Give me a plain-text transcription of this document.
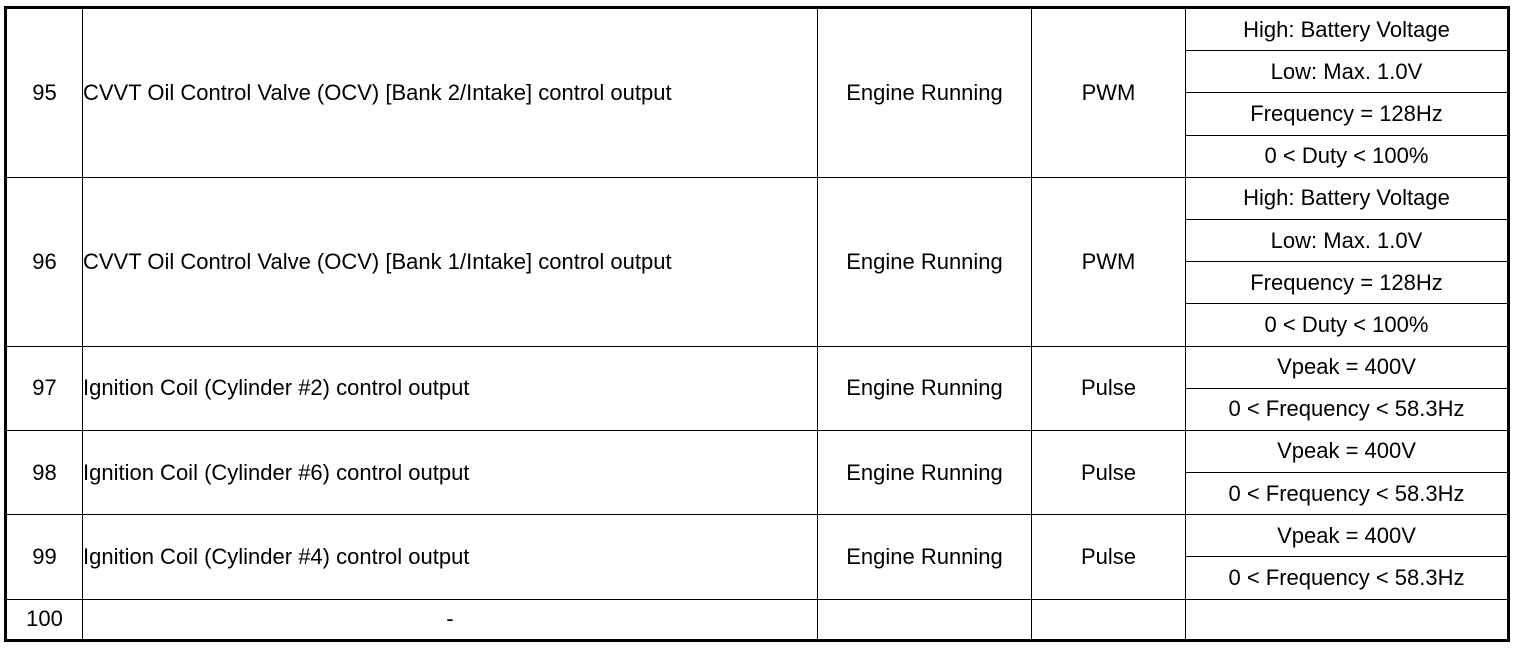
95	CVVT Oil Control Valve (OCV) [Bank 2/Intake] control output	Engine Running	PWM	High: Battery Voltage
				Low: Max. 1.0V
				Frequency = 128Hz
				0 < Duty < 100%
96	CVVT Oil Control Valve (OCV) [Bank 1/Intake] control output	Engine Running	PWM	High: Battery Voltage
				Low: Max. 1.0V
				Frequency = 128Hz
				0 < Duty < 100%
97	Ignition Coil (Cylinder #2) control output	Engine Running	Pulse	Vpeak = 400V
				0 < Frequency < 58.3Hz
98	Ignition Coil (Cylinder #6) control output	Engine Running	Pulse	Vpeak = 400V
				0 < Frequency < 58.3Hz
99	Ignition Coil (Cylinder #4) control output	Engine Running	Pulse	Vpeak = 400V
				0 < Frequency < 58.3Hz
100	-			
